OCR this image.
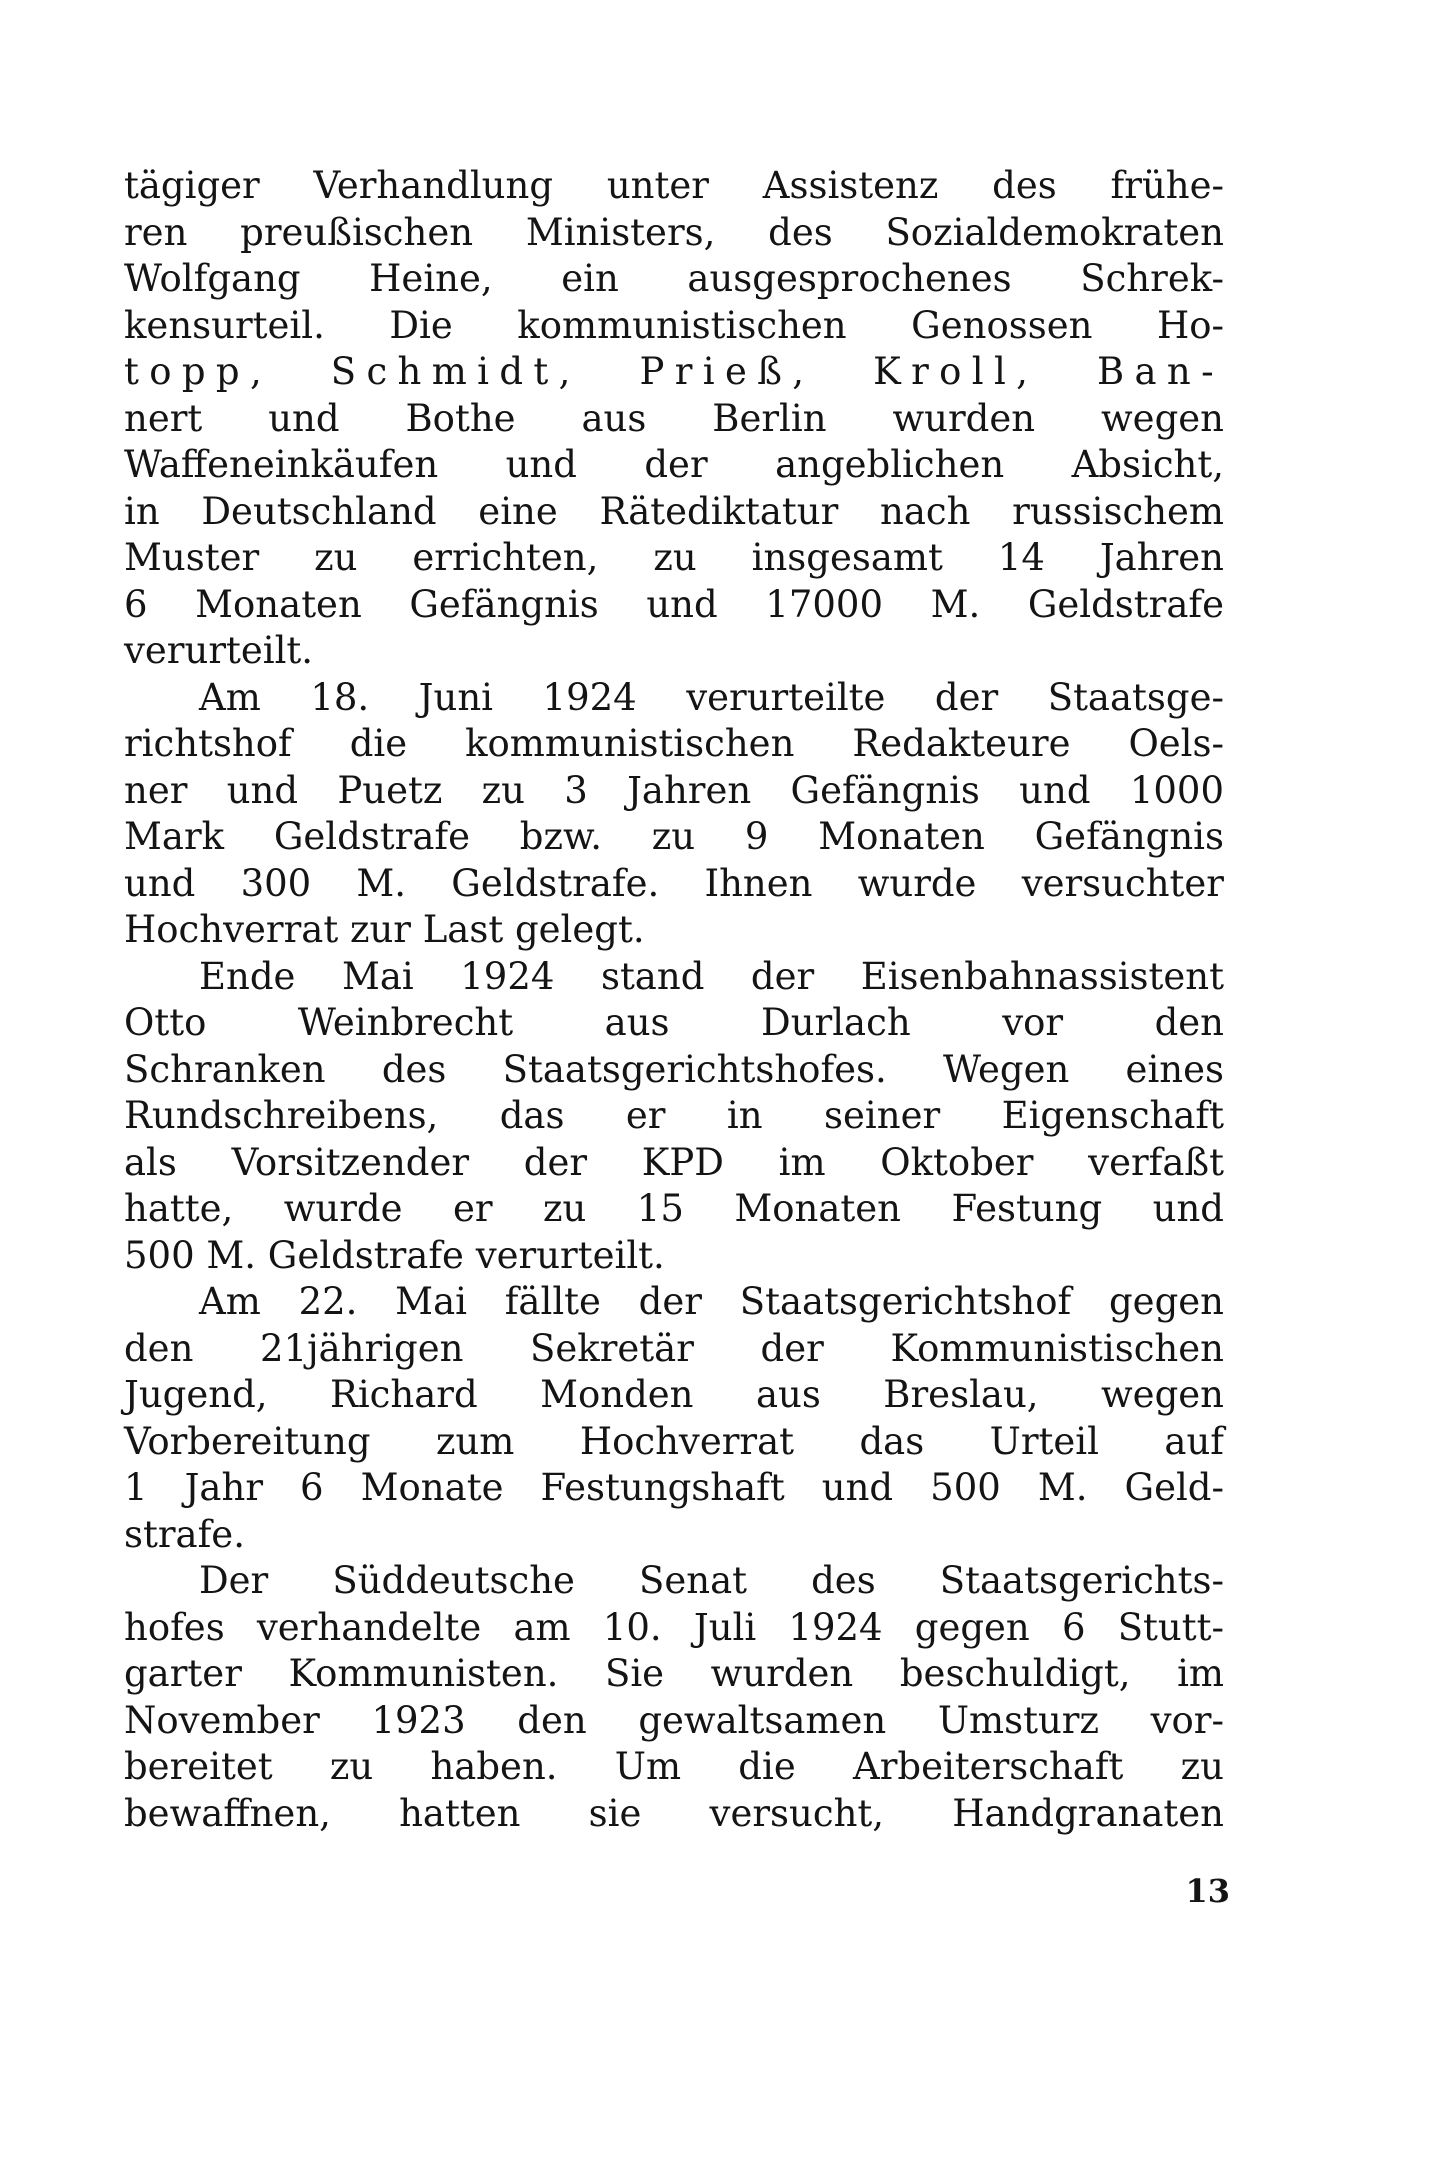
tägiger Verhandlung unter Assistenz des frühe-
ren preußischen Ministers, des Sozialdemokraten
Wolfgang Heine, ein ausgesprochenes Schrek-
kensurteil. Die kommunistischen Genossen Ho-
topp, Schmidt, Prieß, Kroll, Ban-
nert und Bothe aus Berlin wurden wegen
Waffeneinkäufen und der angeblichen Absicht,
in Deutschland eine Rätediktatur nach russischem
Muster zu errichten, zu insgesamt 14 Jahren
6 Monaten Gefängnis und 17000 M. Geldstrafe
verurteilt.
Am 18. Juni 1924 verurteilte der Staatsge-
richtshof die kommunistischen Redakteure Oels-
ner und Puetz zu 3 Jahren Gefängnis und 1000
Mark Geldstrafe bzw. zu 9 Monaten Gefängnis
und 300 M. Geldstrafe. Ihnen wurde versuchter
Hochverrat zur Last gelegt.
Ende Mai 1924 stand der Eisenbahnassistent
Otto Weinbrecht aus Durlach vor den
Schranken des Staatsgerichtshofes. Wegen eines
Rundschreibens, das er in seiner Eigenschaft
als Vorsitzender der KPD im Oktober verfaßt
hatte, wurde er zu 15 Monaten Festung und
500 M. Geldstrafe verurteilt.
Am 22. Mai fällte der Staatsgerichtshof gegen
den 21jährigen Sekretär der Kommunistischen
Jugend, Richard Monden aus Breslau, wegen
Vorbereitung zum Hochverrat das Urteil auf
1 Jahr 6 Monate Festungshaft und 500 M. Geld-
strafe.
Der Süddeutsche Senat des Staatsgerichts-
hofes verhandelte am 10. Juli 1924 gegen 6 Stutt-
garter Kommunisten. Sie wurden beschuldigt, im
November 1923 den gewaltsamen Umsturz vor-
bereitet zu haben. Um die Arbeiterschaft zu
bewaffnen, hatten sie versucht, Handgranaten
13
